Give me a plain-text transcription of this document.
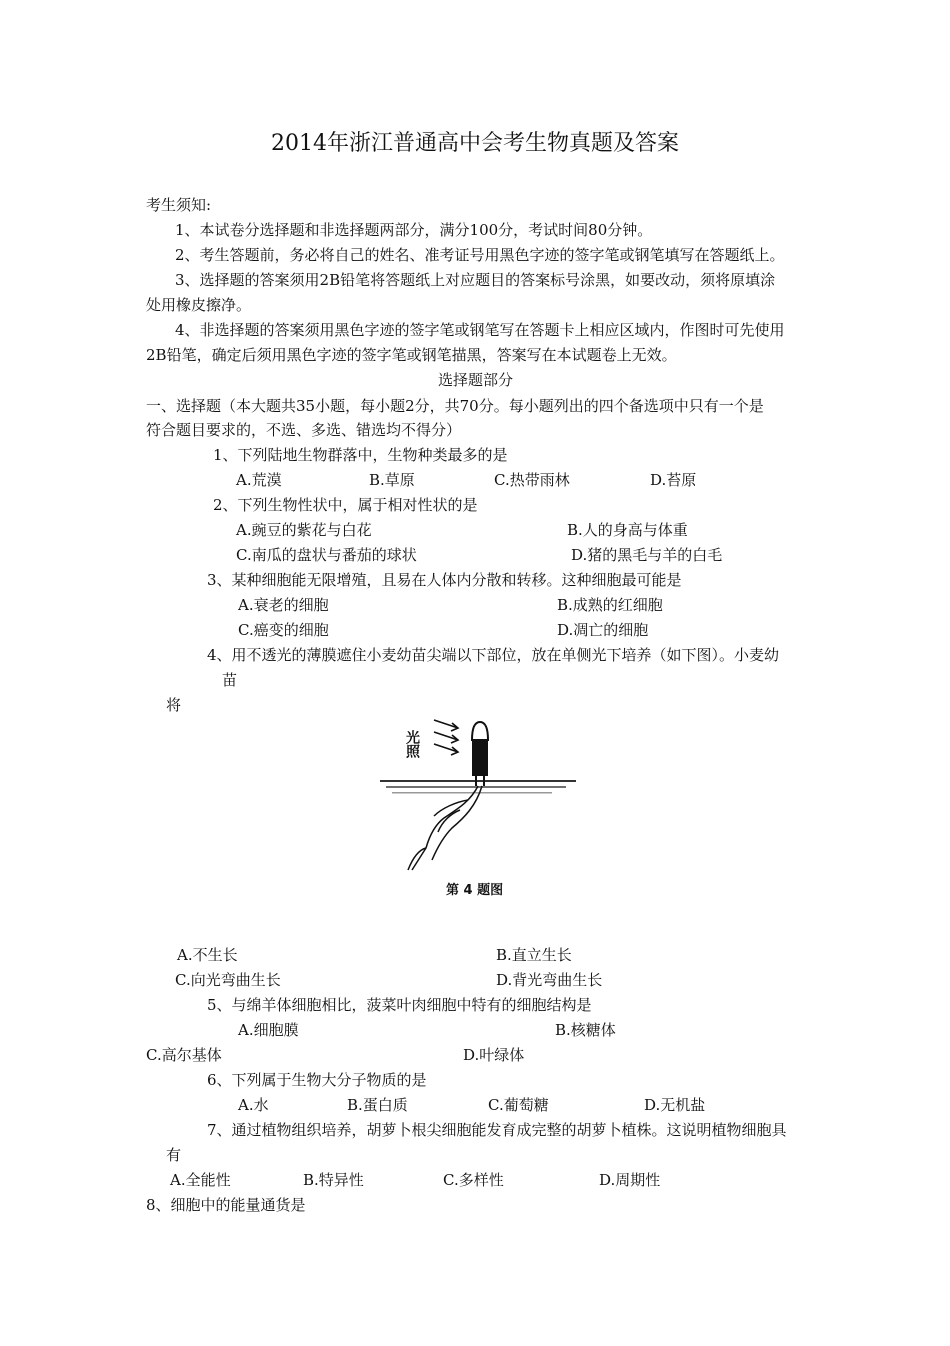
2014年浙江普通高中会考生物真题及答案
考生须知:
1、本试卷分选择题和非选择题两部分，满分100分，考试时间80分钟。
2、考生答题前，务必将自己的姓名、准考证号用黑色字迹的签字笔或钢笔填写在答题纸上。
3、选择题的答案须用2B铅笔将答题纸上对应题目的答案标号涂黑，如要改动，须将原填涂
处用橡皮擦净。
4、非选择题的答案须用黑色字迹的签字笔或钢笔写在答题卡上相应区域内，作图时可先使用
2B铅笔，确定后须用黑色字迹的签字笔或钢笔描黑，答案写在本试题卷上无效。
选择题部分
一、选择题（本大题共35小题，每小题2分，共70分。每小题列出的四个备选项中只有一个是
符合题目要求的，不选、多选、错选均不得分）
1、下列陆地生物群落中，生物种类最多的是
A.荒漠	B.草原	C.热带雨林	D.苔原
2、下列生物性状中，属于相对性状的是
A.豌豆的紫花与白花	B.人的身高与体重
C.南瓜的盘状与番茄的球状	D.猪的黑毛与羊的白毛
3、某种细胞能无限增殖，且易在人体内分散和转移。这种细胞最可能是
A.衰老的细胞	B.成熟的红细胞
C.癌变的细胞	D.凋亡的细胞
4、用不透光的薄膜遮住小麦幼苗尖端以下部位，放在单侧光下培养（如下图）。小麦幼
苗
将
光照
第 4 题图
A.不生长	B.直立生长
C.向光弯曲生长	D.背光弯曲生长
5、与绵羊体细胞相比，菠菜叶肉细胞中特有的细胞结构是
A.细胞膜	B.核糖体
C.高尔基体	D.叶绿体
6、下列属于生物大分子物质的是
A.水	B.蛋白质	C.葡萄糖	D.无机盐
7、通过植物组织培养，胡萝卜根尖细胞能发育成完整的胡萝卜植株。这说明植物细胞具
有
A.全能性	B.特异性	C.多样性	D.周期性
8、细胞中的能量通货是
